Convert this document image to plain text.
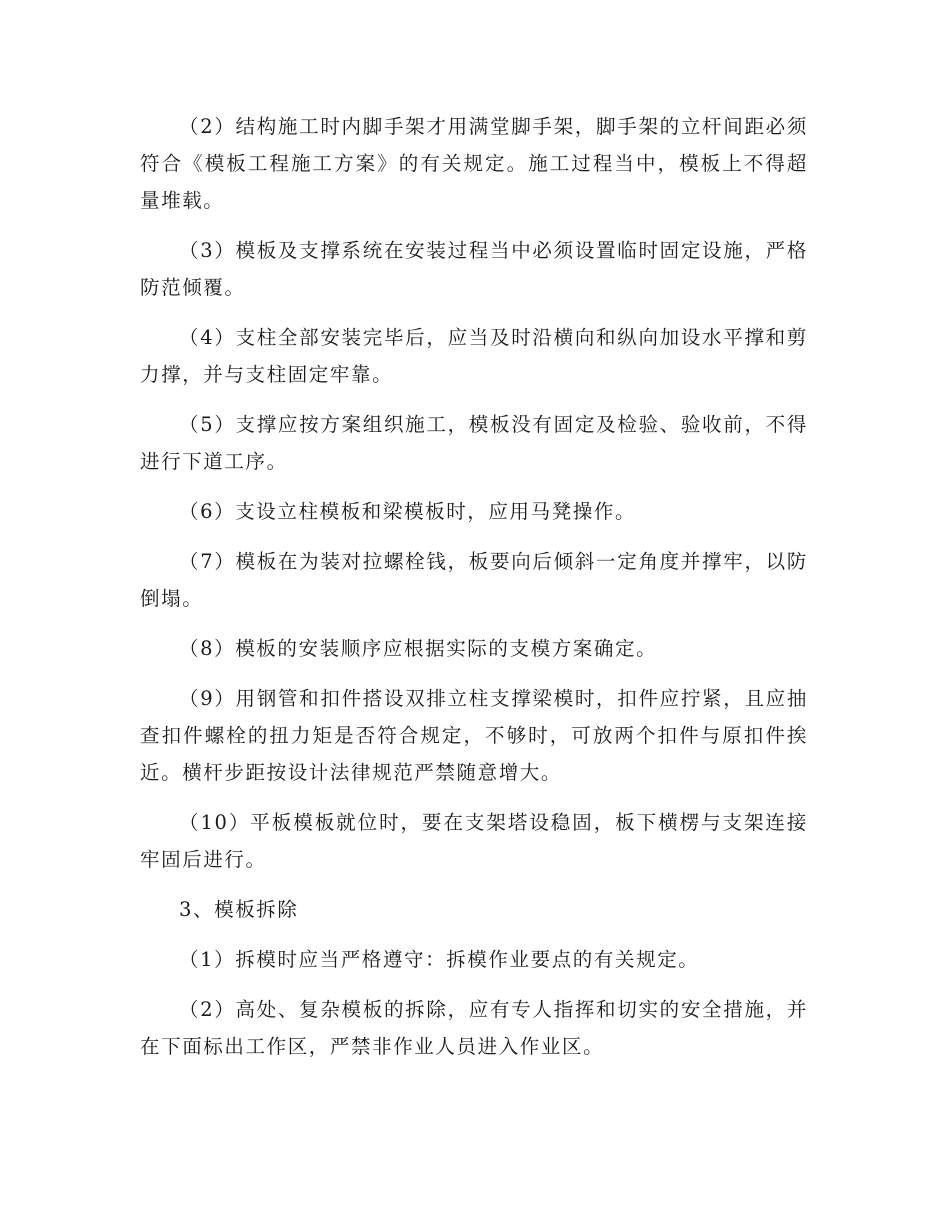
（2）结构施工时内脚手架才用满堂脚手架，脚手架的立杆间距必须符合《模板工程施工方案》的有关规定。施工过程当中，模板上不得超量堆载。

（3）模板及支撑系统在安装过程当中必须设置临时固定设施，严格防范倾覆。

（4）支柱全部安装完毕后，应当及时沿横向和纵向加设水平撑和剪力撑，并与支柱固定牢靠。

（5）支撑应按方案组织施工，模板没有固定及检验、验收前，不得进行下道工序。

（6）支设立柱模板和梁模板时，应用马凳操作。

（7）模板在为装对拉螺栓钱，板要向后倾斜一定角度并撑牢，以防倒塌。

（8）模板的安装顺序应根据实际的支模方案确定。

（9）用钢管和扣件搭设双排立柱支撑梁模时，扣件应拧紧，且应抽查扣件螺栓的扭力矩是否符合规定，不够时，可放两个扣件与原扣件挨近。横杆步距按设计法律规范严禁随意增大。

（10）平板模板就位时，要在支架塔设稳固，板下横楞与支架连接牢固后进行。

3、模板拆除

（1）拆模时应当严格遵守：拆模作业要点的有关规定。

（2）高处、复杂模板的拆除，应有专人指挥和切实的安全措施，并在下面标出工作区，严禁非作业人员进入作业区。
